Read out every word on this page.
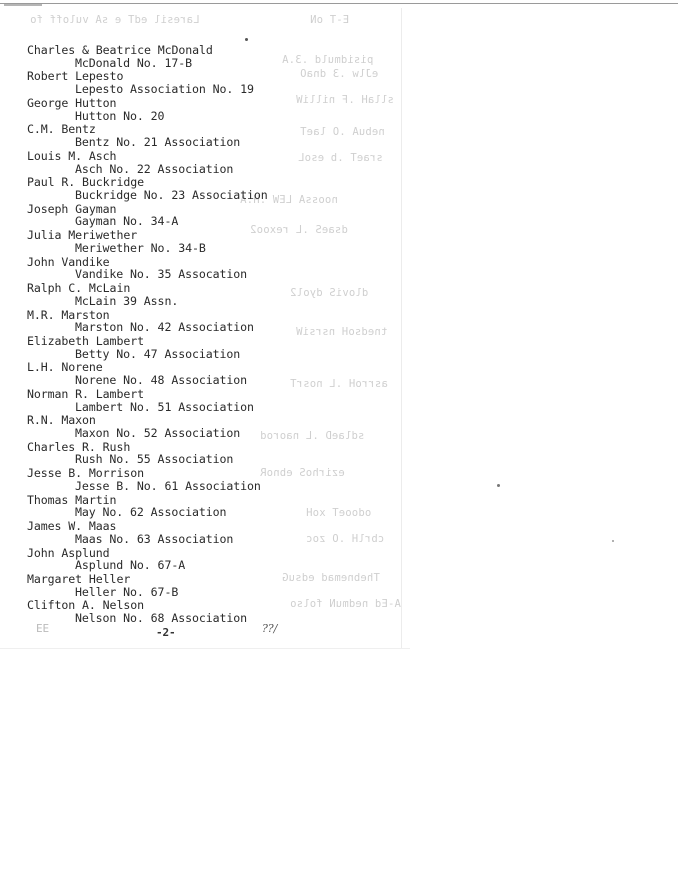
Laresil edT e sA vuloff fo	E-T oN
pisidmuld .3.A
eJlw .3 dnaO
sllaH .F nilliW
nebuA .O laeT
sraeT .b esoL
noossA LEW .H.A
dsaeS .L rexoo2
dloviS dyol2
tnedsoH nsrsiW
asrroH .L nosrT
sdlaeD .L naorod
ezirhoS ebnoR
odooeT xoH
cbrlH .O zoc
Thebnemad edsuG
A-Ed nedmuN folso
Charles & Beatrice McDonald
McDonald No. 17-B
Robert Lepesto
Lepesto Association No. 19
George Hutton
Hutton No. 20
C.M. Bentz
Bentz No. 21 Association
Louis M. Asch
Asch No. 22 Association
Paul R. Buckridge
Buckridge No. 23 Association
Joseph Gayman
Gayman No. 34-A
Julia Meriwether
Meriwether No. 34-B
John Vandike
Vandike No. 35 Assocation
Ralph C. McLain
McLain 39 Assn.
M.R. Marston
Marston No. 42 Association
Elizabeth Lambert
Betty No. 47 Association
L.H. Norene
Norene No. 48 Association
Norman R. Lambert
Lambert No. 51 Association
R.N. Maxon
Maxon No. 52 Association
Charles R. Rush
Rush No. 55 Association
Jesse B. Morrison
Jesse B. No. 61 Association
Thomas Martin
May No. 62 Association
James W. Maas
Maas No. 63 Association
John Asplund
Asplund No. 67-A
Margaret Heller
Heller No. 67-B
Clifton A. Nelson
Nelson No. 68 Association
EE	-2-	??/
